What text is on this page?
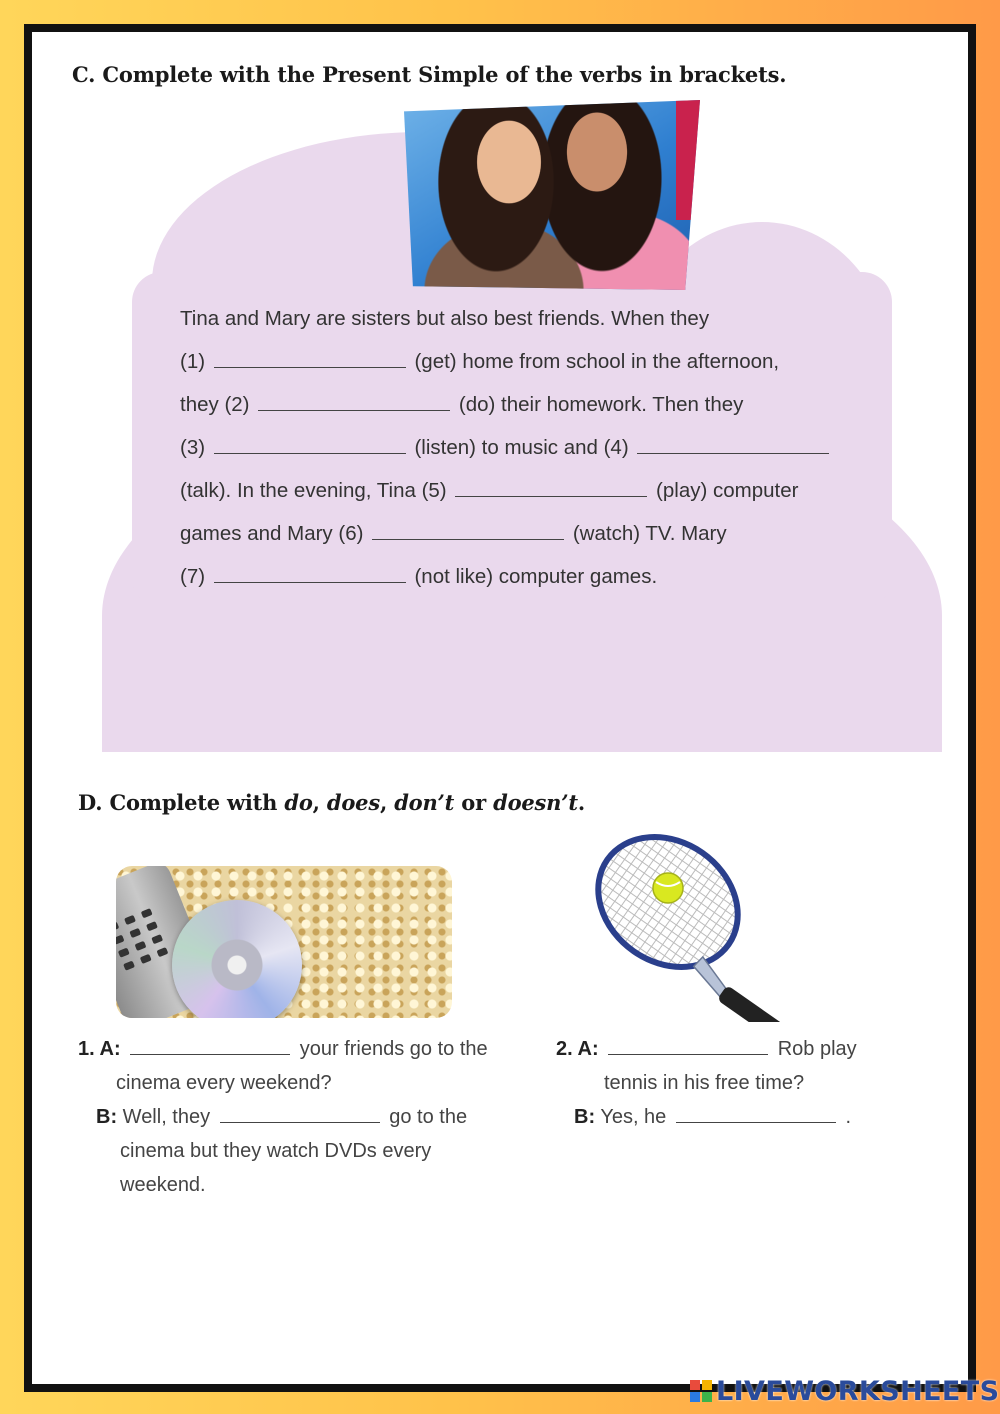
C. Complete with the Present Simple of the verbs in brackets.

Tina and Mary are sisters but also best friends. When they

(1)	(get) home from school in the afternoon,

they (2)	(do) their homework. Then they

(3)	(listen) to music and (4)

(talk). In the evening, Tina (5)	(play) computer

games and Mary (6)	(watch) TV. Mary

(7)	(not like) computer games.

D. Complete with do, does, don’t or doesn’t.

1. A:	your friends go to the

cinema every weekend?

B: Well, they	go to the

cinema but they watch DVDs every

weekend.

2. A:	Rob play

tennis in his free time?

B: Yes, he	.

LIVEWORKSHEETS
